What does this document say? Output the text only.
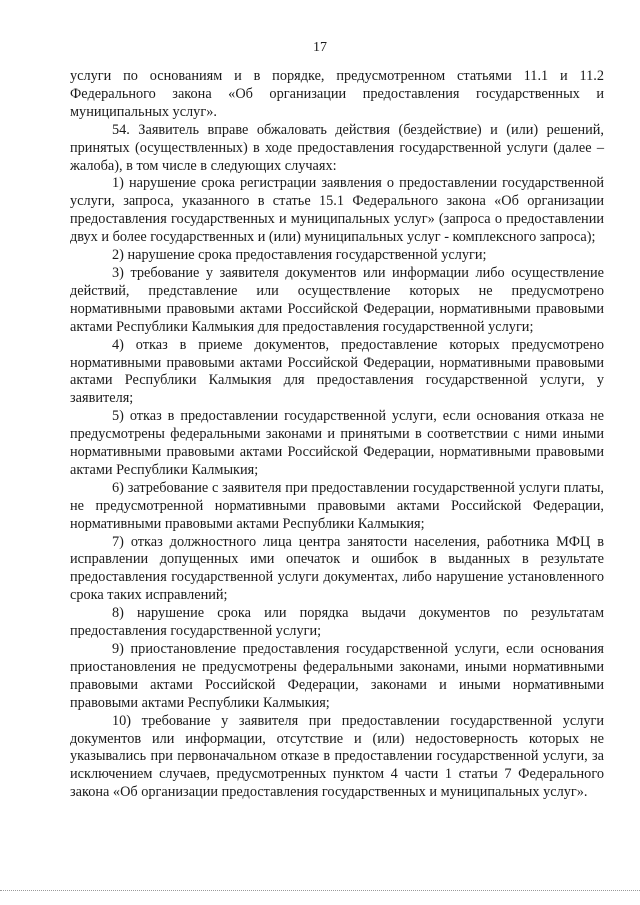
17

услуги по основаниям и в порядке, предусмотренном статьями 11.1 и 11.2 Федерального закона «Об организации предоставления государственных и муниципальных услуг».

54. Заявитель вправе обжаловать действия (бездействие) и (или) решений, принятых (осуществленных) в ходе предоставления государственной услуги (далее – жалоба), в том числе в следующих случаях:

1) нарушение срока регистрации заявления о предоставлении государственной услуги, запроса, указанного в статье 15.1 Федерального закона «Об организации предоставления государственных и муниципальных услуг» (запроса о предоставлении двух и более государственных и (или) муниципальных услуг - комплексного запроса);

2) нарушение срока предоставления государственной услуги;

3) требование у заявителя документов или информации либо осуществление действий, представление или осуществление которых не предусмотрено нормативными правовыми актами Российской Федерации, нормативными правовыми актами Республики Калмыкия для предоставления государственной услуги;

4) отказ в приеме документов, предоставление которых предусмотрено нормативными правовыми актами Российской Федерации, нормативными правовыми актами Республики Калмыкия для предоставления государственной услуги, у заявителя;

5) отказ в предоставлении государственной услуги, если основания отказа не предусмотрены федеральными законами и принятыми в соответствии с ними иными нормативными правовыми актами Российской Федерации, нормативными правовыми актами Республики Калмыкия;

6) затребование с заявителя при предоставлении государственной услуги платы, не предусмотренной нормативными правовыми актами Российской Федерации, нормативными правовыми актами Республики Калмыкия;

7) отказ должностного лица центра занятости населения, работника МФЦ в исправлении допущенных ими опечаток и ошибок в выданных в результате предоставления государственной услуги документах, либо нарушение установленного срока таких исправлений;

8) нарушение срока или порядка выдачи документов по результатам предоставления государственной услуги;

9) приостановление предоставления государственной услуги, если основания приостановления не предусмотрены федеральными законами, иными нормативными правовыми актами Российской Федерации, законами и иными нормативными правовыми актами Республики Калмыкия;

10) требование у заявителя при предоставлении государственной услуги документов или информации, отсутствие и (или) недостоверность которых не указывались при первоначальном отказе в предоставлении государственной услуги, за исключением случаев, предусмотренных пунктом 4 части 1 статьи 7 Федерального закона «Об организации предоставления государственных и муниципальных услуг».
